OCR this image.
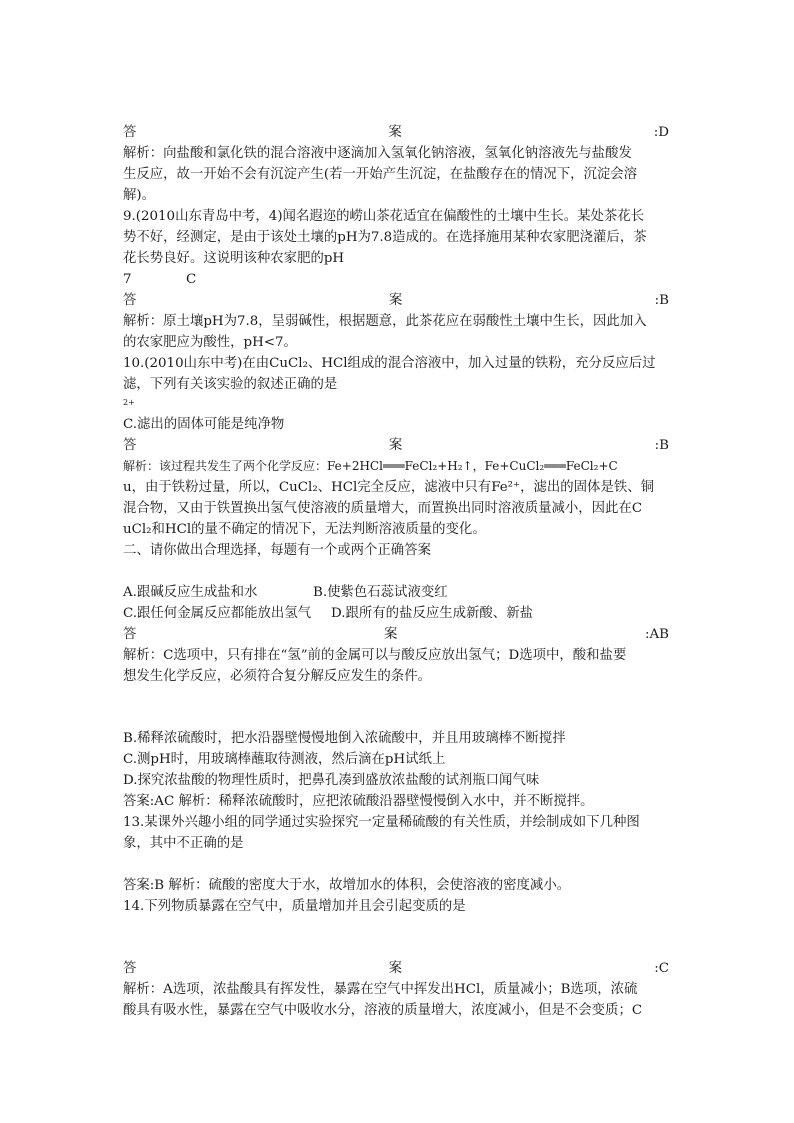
答	案	:D
解析：向盐酸和氯化铁的混合溶液中逐滴加入氢氧化钠溶液，氢氧化钠溶液先与盐酸发
生反应，故一开始不会有沉淀产生(若一开始产生沉淀，在盐酸存在的情况下，沉淀会溶
解)。
9.(2010山东青岛中考，4)闻名遐迩的崂山茶花适宜在偏酸性的土壤中生长。某处茶花长
势不好，经测定，是由于该处土壤的pH为7.8造成的。在选择施用某种农家肥浇灌后，茶
花长势良好。这说明该种农家肥的pH
7	C
答	案	:B
解析：原土壤pH为7.8，呈弱碱性，根据题意，此茶花应在弱酸性土壤中生长，因此加入
的农家肥应为酸性，pH<7。
10.(2010山东中考)在由CuCl₂、HCl组成的混合溶液中，加入过量的铁粉，充分反应后过
滤，下列有关该实验的叙述正确的是
2+
C.滤出的固体可能是纯净物
答	案	:B
解析：该过程共发生了两个化学反应：Fe+2HCl═══FeCl₂+H₂↑，Fe+CuCl₂═══FeCl₂+C
u，由于铁粉过量，所以，CuCl₂、HCl完全反应，滤液中只有Fe²⁺，滤出的固体是铁、铜
混合物，又由于铁置换出氢气使溶液的质量增大，而置换出同时溶液质量减小，因此在C
uCl₂和HCl的量不确定的情况下，无法判断溶液质量的变化。
二、请你做出合理选择，每题有一个或两个正确答案
A.跟碱反应生成盐和水	B.使紫色石蕊试液变红
C.跟任何金属反应都能放出氢气 D.跟所有的盐反应生成新酸、新盐
答	案	:AB
解析：C选项中，只有排在“氢”前的金属可以与酸反应放出氢气；D选项中，酸和盐要
想发生化学反应，必须符合复分解反应发生的条件。
B.稀释浓硫酸时，把水沿器壁慢慢地倒入浓硫酸中，并且用玻璃棒不断搅拌
C.测pH时，用玻璃棒蘸取待测液，然后滴在pH试纸上
D.探究浓盐酸的物理性质时，把鼻孔凑到盛放浓盐酸的试剂瓶口闻气味
答案:AC 解析：稀释浓硫酸时，应把浓硫酸沿器壁慢慢倒入水中，并不断搅拌。
13.某课外兴趣小组的同学通过实验探究一定量稀硫酸的有关性质，并绘制成如下几种图
象，其中不正确的是
答案:B 解析：硫酸的密度大于水，故增加水的体积，会使溶液的密度减小。
14.下列物质暴露在空气中，质量增加并且会引起变质的是
答	案	:C
解析：A选项，浓盐酸具有挥发性，暴露在空气中挥发出HCl，质量减小；B选项，浓硫
酸具有吸水性，暴露在空气中吸收水分，溶液的质量增大，浓度减小，但是不会变质；C
